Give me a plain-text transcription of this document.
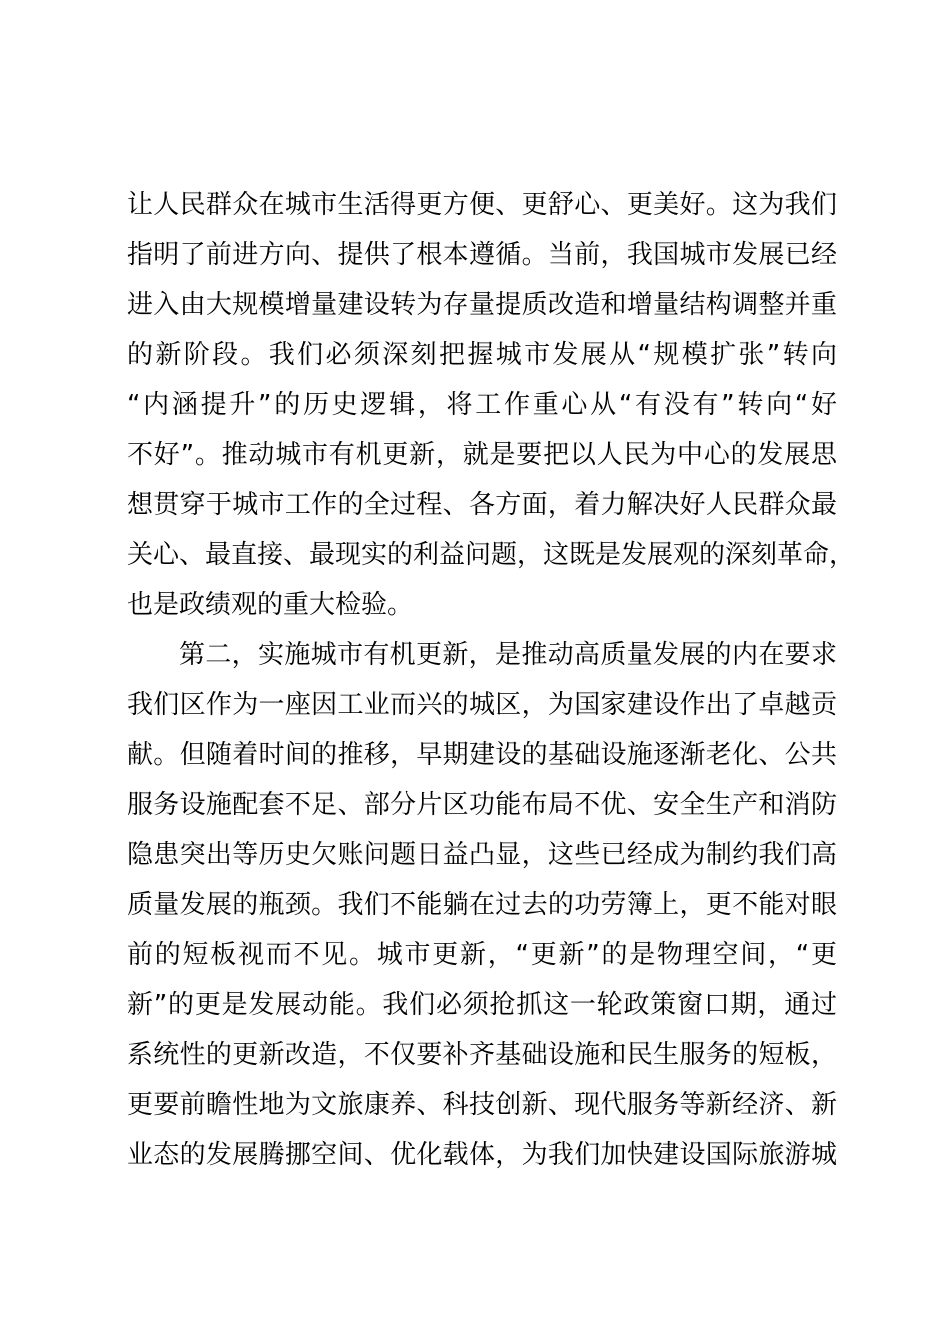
让人民群众在城市生活得更方便、更舒心、更美好。这为我们
指明了前进方向、提供了根本遵循。当前，我国城市发展已经
进入由大规模增量建设转为存量提质改造和增量结构调整并重
的新阶段。我们必须深刻把握城市发展从“规模扩张”转向
“内涵提升”的历史逻辑，将工作重心从“有没有”转向“好
不好”。推动城市有机更新，就是要把以人民为中心的发展思
想贯穿于城市工作的全过程、各方面，着力解决好人民群众最
关心、最直接、最现实的利益问题，这既是发展观的深刻革命，
也是政绩观的重大检验。
第二，实施城市有机更新，是推动高质量发展的内在要求
我们区作为一座因工业而兴的城区，为国家建设作出了卓越贡
献。但随着时间的推移，早期建设的基础设施逐渐老化、公共
服务设施配套不足、部分片区功能布局不优、安全生产和消防
隐患突出等历史欠账问题日益凸显，这些已经成为制约我们高
质量发展的瓶颈。我们不能躺在过去的功劳簿上，更不能对眼
前的短板视而不见。城市更新，“更新”的是物理空间，“更
新”的更是发展动能。我们必须抢抓这一轮政策窗口期，通过
系统性的更新改造，不仅要补齐基础设施和民生服务的短板，
更要前瞻性地为文旅康养、科技创新、现代服务等新经济、新
业态的发展腾挪空间、优化载体，为我们加快建设国际旅游城
